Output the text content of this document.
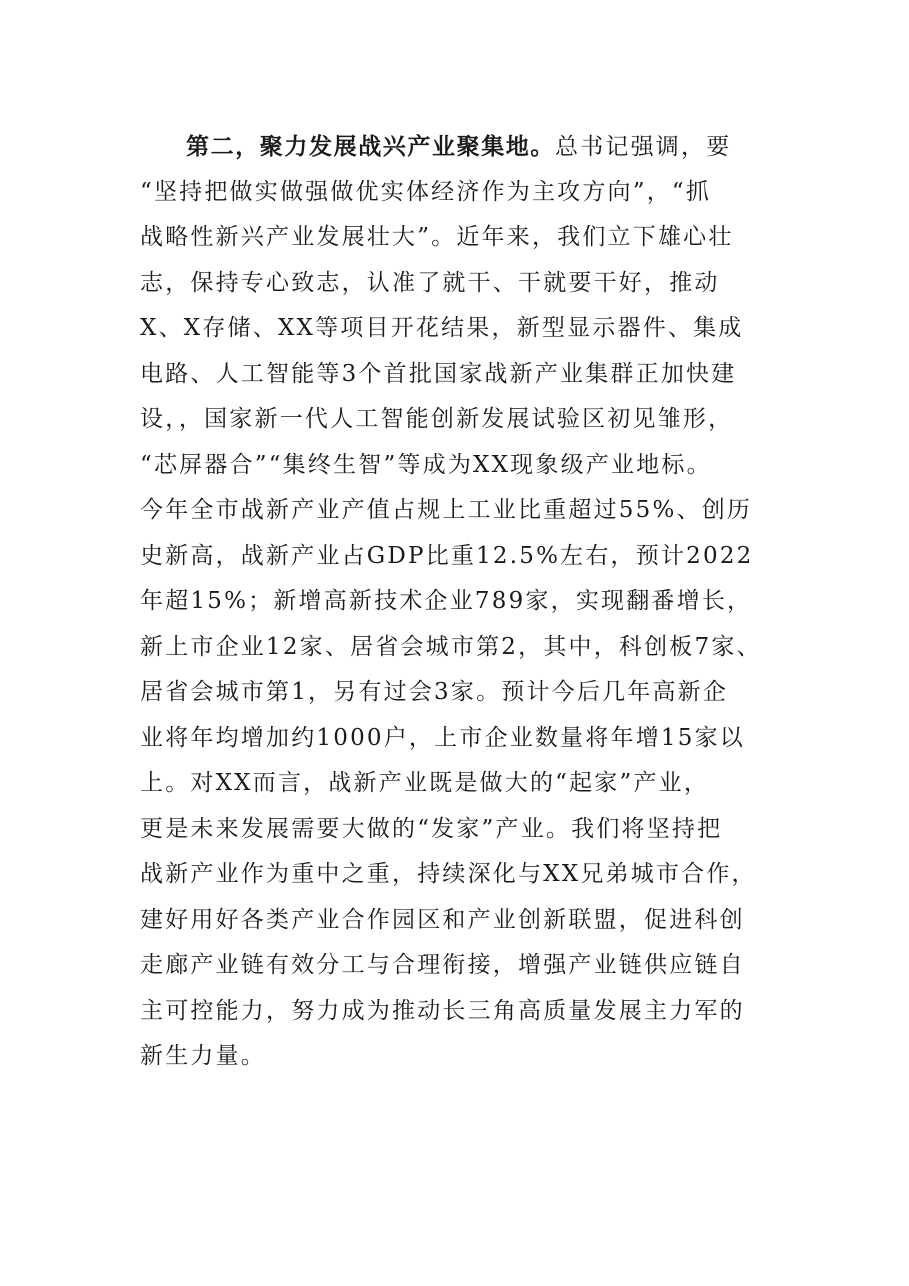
第二，聚力发展战兴产业聚集地。总书记强调，要
“坚持把做实做强做优实体经济作为主攻方向”，“抓
战略性新兴产业发展壮大”。近年来，我们立下雄心壮
志，保持专心致志，认准了就干、干就要干好，推动
X、X存储、XX等项目开花结果，新型显示器件、集成
电路、人工智能等3个首批国家战新产业集群正加快建
设，，国家新一代人工智能创新发展试验区初见雏形，
“芯屏器合”“集终生智”等成为XX现象级产业地标。
今年全市战新产业产值占规上工业比重超过55%、创历
史新高，战新产业占GDP比重12.5%左右，预计2022
年超15%；新增高新技术企业789家，实现翻番增长，
新上市企业12家、居省会城市第2，其中，科创板7家、
居省会城市第1，另有过会3家。预计今后几年高新企
业将年均增加约1000户，上市企业数量将年增15家以
上。对XX而言，战新产业既是做大的“起家”产业，
更是未来发展需要大做的“发家”产业。我们将坚持把
战新产业作为重中之重，持续深化与XX兄弟城市合作，
建好用好各类产业合作园区和产业创新联盟，促进科创
走廊产业链有效分工与合理衔接，增强产业链供应链自
主可控能力，努力成为推动长三角高质量发展主力军的
新生力量。
